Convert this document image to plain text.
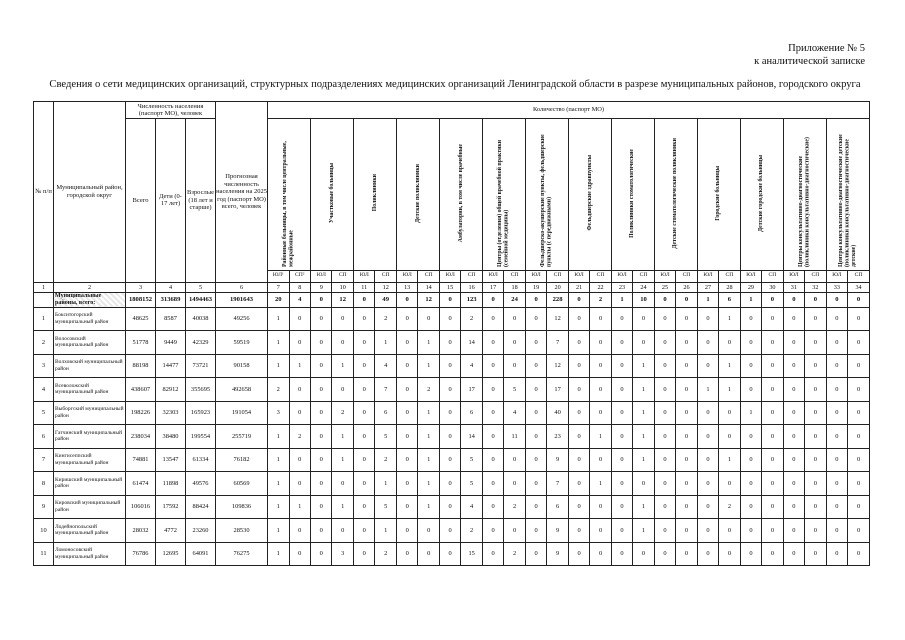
Приложение № 5
к аналитической записке
Сведения о сети медицинских организаций, структурных подразделениях медицинских организаций Ленинградской области в разрезе муниципальных районов, городского округа
№ п/п	Муниципальный район, городской округ	Численность населения (паспорт МО), человек			Прогнозная численность населения на 2025 год (паспорт МО) всего, человек	Количество (паспорт МО)																											
		Всего	Дети (0-17 лет)	Взрослые (18 лет и старше)		Районные больницы, в том числе центральные, межрайонные		Участковые больницы		Поликлиники		Детские поликлиники		Амбулатории, в том числе врачебные		Центры (отделения) общей врачебной практики (семейной медицины)		Фельдшерско-акушерские пункты, фельдшерские пункты (с передвижными)		Фельдшерские здравпункты		Поликлиники стоматологические		Детские стоматологические поликлиники		Городские больницы		Детские городские больницы		Центры консультативно-диагностические (поликлиники консультативно-диагностические)		Центры консультативно-диагностические детские (поликлиники консультативно-диагностические детские)	
						ЮЛ¹	СП²	ЮЛ	СП	ЮЛ	СП	ЮЛ	СП	ЮЛ	СП	ЮЛ	СП	ЮЛ	СП	ЮЛ	СП	ЮЛ	СП	ЮЛ	СП	ЮЛ	СП	ЮЛ	СП	ЮЛ	СП	ЮЛ	СП
1	2	3	4	5	6	7	8	9	10	11	12	13	14	15	16	17	18	19	20	21	22	23	24	25	26	27	28	29	30	31	32	33	34
	Муниципальные районы, всего:	1808152	313689	1494463	1901643	20	4	0	12	0	49	0	12	0	123	0	24	0	228	0	2	1	10	0	0	1	6	1	0	0	0	0	0
1	Бокситогорский муниципальный район	48625	8587	40038	49256	1	0	0	0	0	2	0	0	0	2	0	0	0	12	0	0	0	0	0	0	0	1	0	0	0	0	0	0
2	Волосовский муниципальный район	51778	9449	42329	59519	1	0	0	0	0	1	0	1	0	14	0	0	0	7	0	0	0	0	0	0	0	0	0	0	0	0	0	0
3	Волховский муниципальный район	88198	14477	73721	90158	1	1	0	1	0	4	0	1	0	4	0	0	0	12	0	0	0	1	0	0	0	1	0	0	0	0	0	0
4	Всеволожский муниципальный район	438607	82912	355695	492658	2	0	0	0	0	7	0	2	0	17	0	5	0	17	0	0	0	1	0	0	1	1	0	0	0	0	0	0
5	Выборгский муниципальный район	198226	32303	165923	191054	3	0	0	2	0	6	0	1	0	6	0	4	0	40	0	0	0	1	0	0	0	0	1	0	0	0	0	0
6	Гатчинский муниципальный район	238034	38480	199554	255719	1	2	0	1	0	5	0	1	0	14	0	11	0	23	0	1	0	1	0	0	0	0	0	0	0	0	0	0
7	Кингисеппский муниципальный район	74881	13547	61334	76182	1	0	0	1	0	2	0	1	0	5	0	0	0	9	0	0	0	1	0	0	0	1	0	0	0	0	0	0
8	Киришский муниципальный район	61474	11898	49576	60569	1	0	0	0	0	1	0	1	0	5	0	0	0	7	0	1	0	0	0	0	0	0	0	0	0	0	0	0
9	Кировский муниципальный район	106016	17592	88424	109836	1	1	0	1	0	5	0	1	0	4	0	2	0	6	0	0	0	1	0	0	0	2	0	0	0	0	0	0
10	Лодейнопольский муниципальный район	28032	4772	23260	28530	1	0	0	0	0	1	0	0	0	2	0	0	0	9	0	0	0	1	0	0	0	0	0	0	0	0	0	0
11	Ломоносовский муниципальный район	76786	12695	64091	76275	1	0	0	3	0	2	0	0	0	15	0	2	0	9	0	0	0	0	0	0	0	0	0	0	0	0	0	0
